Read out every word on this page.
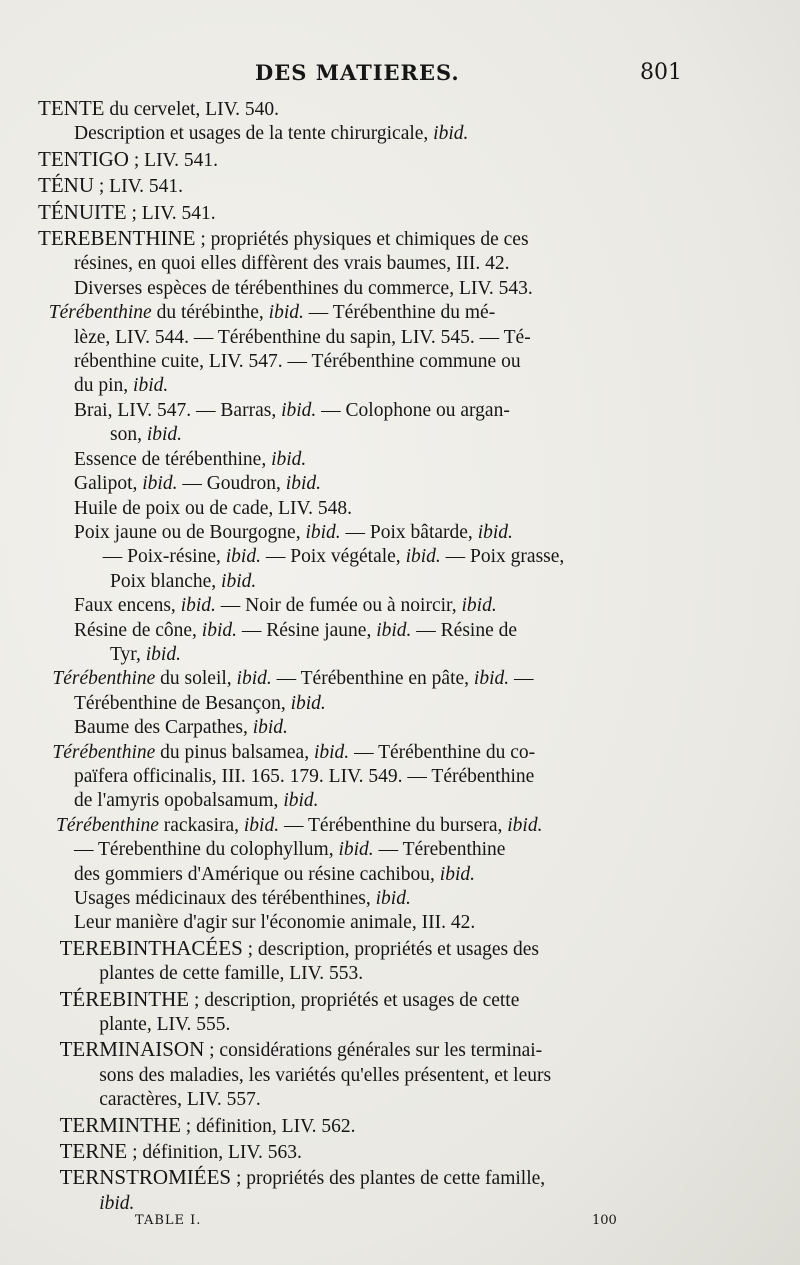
DES MATIERES.	801
TENTE du cervelet, LIV. 540.
Description et usages de la tente chirurgicale, ibid.
TENTIGO ; LIV. 541.
TÉNU ; LIV. 541.
TÉNUITE ; LIV. 541.
TEREBENTHINE ; propriétés physiques et chimiques de ces
résines, en quoi elles diffèrent des vrais baumes, III. 42.
Diverses espèces de térébenthines du commerce, LIV. 543.
Térébenthine du térébinthe, ibid. — Térébenthine du mé-
lèze, LIV. 544. — Térébenthine du sapin, LIV. 545. — Té-
rébenthine cuite, LIV. 547. — Térébenthine commune ou
du pin, ibid.
Brai, LIV. 547. — Barras, ibid. — Colophone ou argan-
son, ibid.
Essence de térébenthine, ibid.
Galipot, ibid. — Goudron, ibid.
Huile de poix ou de cade, LIV. 548.
Poix jaune ou de Bourgogne, ibid. — Poix bâtarde, ibid.
— Poix-résine, ibid. — Poix végétale, ibid. — Poix grasse,
Poix blanche, ibid.
Faux encens, ibid. — Noir de fumée ou à noircir, ibid.
Résine de cône, ibid. — Résine jaune, ibid. — Résine de
Tyr, ibid.
Térébenthine du soleil, ibid. — Térébenthine en pâte, ibid. —
Térébenthine de Besançon, ibid.
Baume des Carpathes, ibid.
Térébenthine du pinus balsamea, ibid. — Térébenthine du co-
païfera officinalis, III. 165. 179. LIV. 549. — Térébenthine
de l'amyris opobalsamum, ibid.
Térébenthine rackasira, ibid. — Térébenthine du bursera, ibid.
— Térebenthine du colophyllum, ibid. — Térebenthine
des gommiers d'Amérique ou résine cachibou, ibid.
Usages médicinaux des térébenthines, ibid.
Leur manière d'agir sur l'économie animale, III. 42.
TEREBINTHACÉES ; description, propriétés et usages des
plantes de cette famille, LIV. 553.
TÉREBINTHE ; description, propriétés et usages de cette
plante, LIV. 555.
TERMINAISON ; considérations générales sur les terminai-
sons des maladies, les variétés qu'elles présentent, et leurs
caractères, LIV. 557.
TERMINTHE ; définition, LIV. 562.
TERNE ; définition, LIV. 563.
TERNSTROMIÉES ; propriétés des plantes de cette famille,
ibid.
TABLE I.	100
